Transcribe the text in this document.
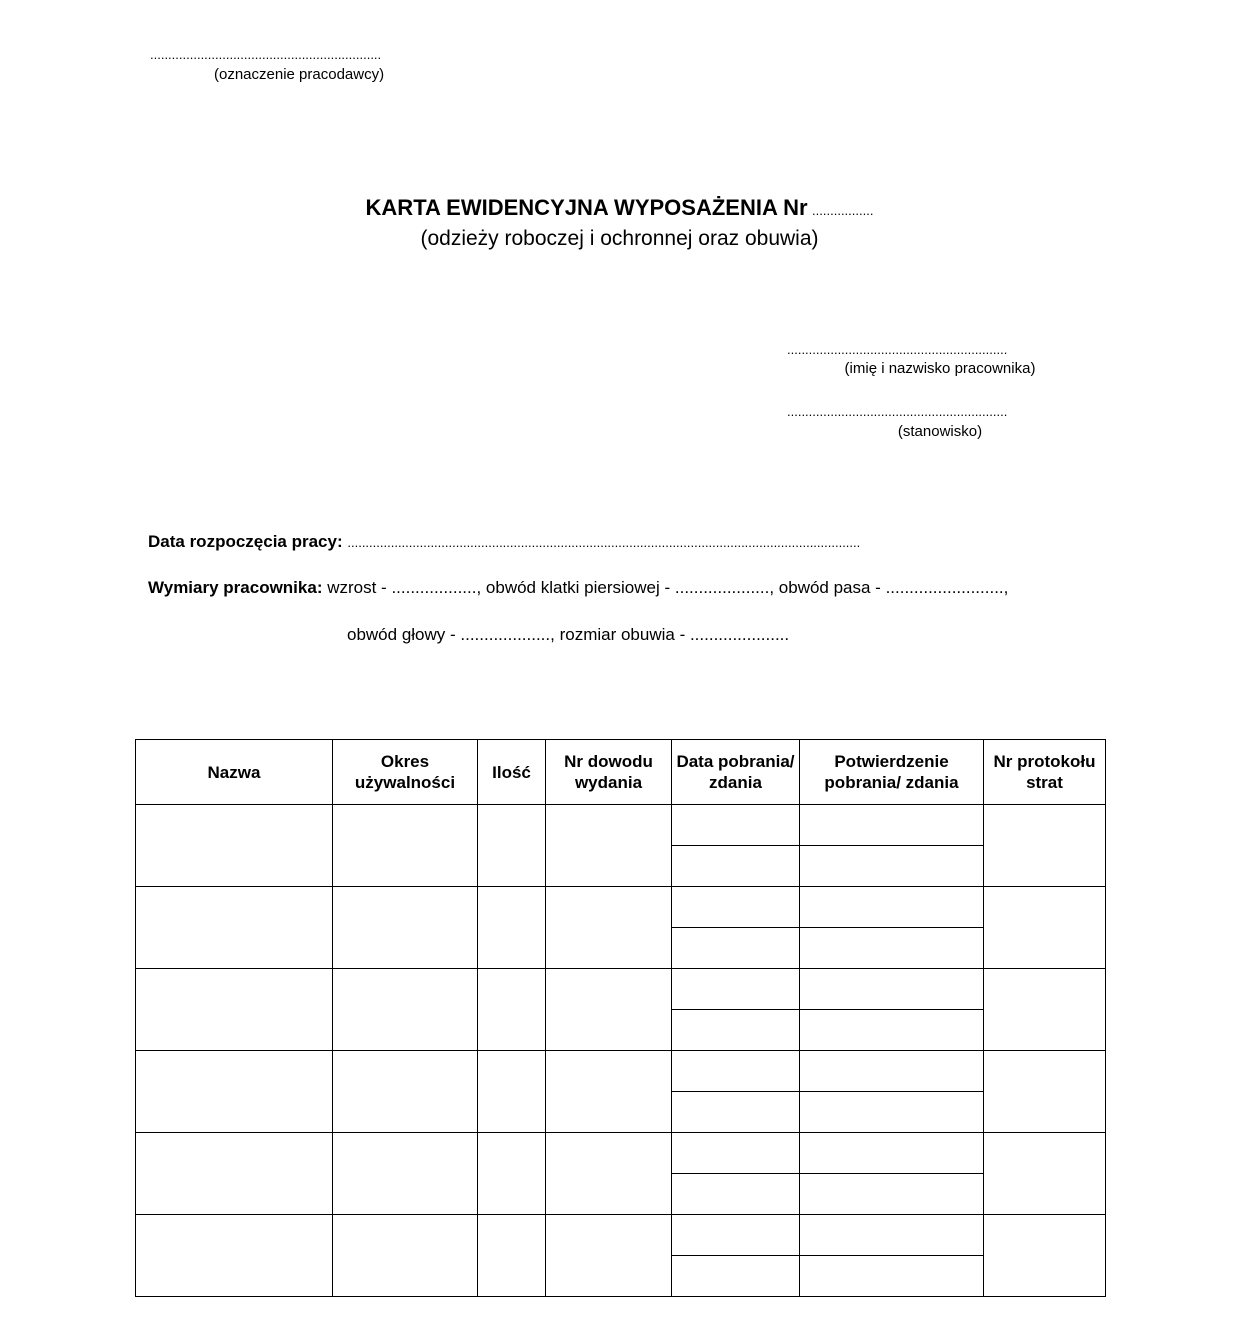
................................................................
(oznaczenie pracodawcy)
KARTA EWIDENCYJNA WYPOSAŻENIA Nr .................
(odzieży roboczej i ochronnej oraz obuwia)
.............................................................
(imię i nazwisko pracownika)
.............................................................
(stanowisko)
Data rozpoczęcia pracy: ..............................................................................................................................................
Wymiary pracownika: wzrost - .................., obwód klatki piersiowej - ...................., obwód pasa - .........................,
obwód głowy - ..................., rozmiar obuwia - .....................
Nazwa	Okres używalności	Ilość	Nr dowodu wydania	Data pobrania/ zdania	Potwierdzenie pobrania/ zdania	Nr protokołu strat
